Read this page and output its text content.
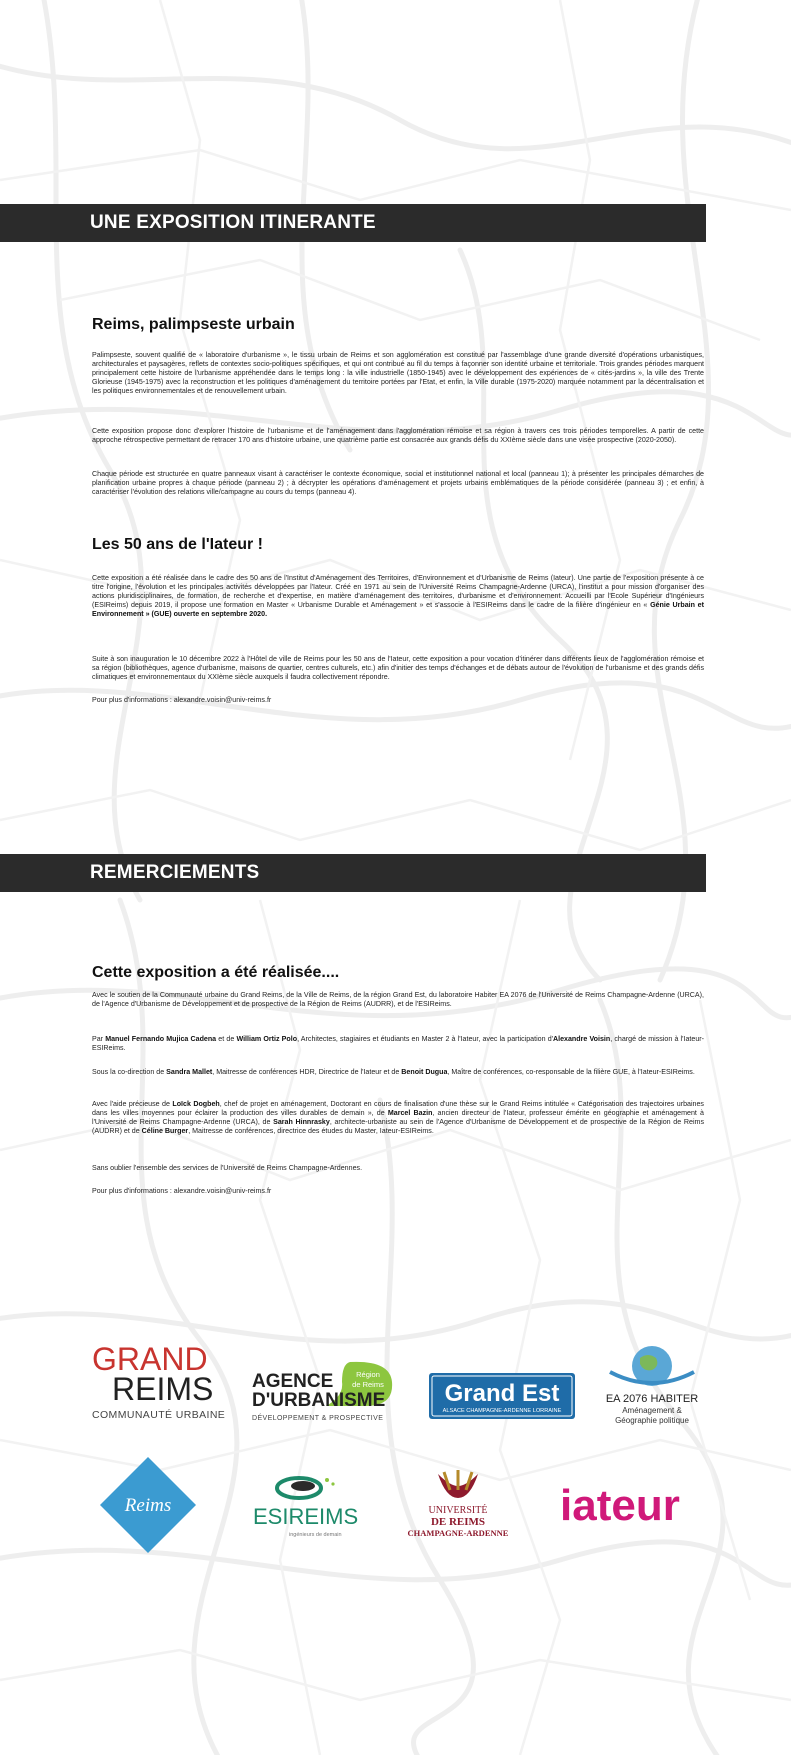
UNE EXPOSITION ITINERANTE
Reims, palimpseste urbain

Palimpseste, souvent qualifié de « laboratoire d'urbanisme », le tissu urbain de Reims et son agglomération est constitué par l'assemblage d'une grande diversité d'opérations urbanistiques, architecturales et paysagères, reflets de contextes socio-politiques spécifiques, et qui ont contribué au fil du temps à façonner son identité urbaine et territoriale. Trois grandes périodes marquent principalement cette histoire de l'urbanisme appréhendée dans le temps long : la ville industrielle (1850-1945) avec le développement des expériences de « cités-jardins », la ville des Trente Glorieuse (1945-1975) avec la reconstruction et les politiques d'aménagement du territoire portées par l'Etat, et enfin, la Ville durable (1975-2020) marquée notamment par la décentralisation et les politiques environnementales et de renouvellement urbain.

Cette exposition propose donc d'explorer l'histoire de l'urbanisme et de l'aménagement dans l'agglomération rémoise et sa région à travers ces trois périodes temporelles. A partir de cette approche rétrospective permettant de retracer 170 ans d'histoire urbaine, une quatrième partie est consacrée aux grands défis du XXIème siècle dans une visée prospective (2020-2050).

Chaque période est structurée en quatre panneaux visant à caractériser le contexte économique, social et institutionnel national et local (panneau 1); à présenter les principales démarches de planification urbaine propres à chaque période (panneau 2) ; à décrypter les opérations d'aménagement et projets urbains emblématiques de la période considérée (panneau 3) ; et enfin, à caractériser l'évolution des relations ville/campagne au cours du temps (panneau 4).

Les 50 ans de l'Iateur !

Cette exposition a été réalisée dans le cadre des 50 ans de l'Institut d'Aménagement des Territoires, d'Environnement et d'Urbanisme de Reims (Iateur). Une partie de l'exposition présente à ce titre l'origine, l'évolution et les principales activités développées par l'Iateur. Créé en 1971 au sein de l'Université Reims Champagne-Ardenne (URCA), l'institut a pour mission d'organiser des actions pluridisciplinaires, de formation, de recherche et d'expertise, en matière d'aménagement des territoires, d'urbanisme et d'environnement. Accueilli par l'Ecole Supérieur d'Ingénieurs (ESIReims) depuis 2019, il propose une formation en Master « Urbanisme Durable et Aménagement » et s'associe à l'ESIReims dans le cadre de la filière d'ingénieur en « Génie Urbain et Environnement » (GUE) ouverte en septembre 2020.

Suite à son inauguration le 10 décembre 2022 à l'Hôtel de ville de Reims pour les 50 ans de l'Iateur, cette exposition a pour vocation d'itinérer dans différents lieux de l'agglomération rémoise et sa région (bibliothèques, agence d'urbanisme, maisons de quartier, centres culturels, etc.) afin d'initier des temps d'échanges et de débats autour de l'évolution de l'urbanisme et des grands défis climatiques et environnementaux du XXIème siècle auxquels il faudra collectivement répondre.

Pour plus d'informations : alexandre.voisin@univ-reims.fr

REMERCIEMENTS
Cette exposition a été réalisée....

Avec le soutien de la Communauté urbaine du Grand Reims, de la Ville de Reims, de la région Grand Est, du laboratoire Habiter EA 2076 de l'Université de Reims Champagne-Ardenne (URCA), de l'Agence d'Urbanisme de Développement et de prospective de la Région de Reims (AUDRR), et de l'ESIReims.

Par Manuel Fernando Mujica Cadena et de William Ortiz Polo, Architectes, stagiaires et étudiants en Master 2 à l'Iateur, avec la participation d'Alexandre Voisin, chargé de mission à l'Iateur-ESIReims.

Sous la co-direction de Sandra Mallet, Maitresse de conférences HDR, Directrice de l'Iateur et de Benoit Dugua, Maître de conférences, co-responsable de la filière GUE, à l'Iateur-ESIReims.

Avec l'aide précieuse de Loïck Dogbeh, chef de projet en aménagement, Doctorant en cours de finalisation d'une thèse sur le Grand Reims intitulée « Catégorisation des trajectoires urbaines dans les villes moyennes pour éclairer la production des villes durables de demain », de Marcel Bazin, ancien directeur de l'Iateur, professeur émérite en géographie et aménagement à l'Université de Reims Champagne-Ardenne (URCA), de Sarah Hinnrasky, architecte-urbaniste au sein de l'Agence d'Urbanisme de Développement et de prospective de la Région de Reims (AUDRR) et de Céline Burger, Maitresse de conférences, directrice des études du Master, Iateur-ESIReims.

Sans oublier l'ensemble des services de l'Université de Reims Champagne-Ardennes.

Pour plus d'informations : alexandre.voisin@univ-reims.fr

GRAND
REIMS
COMMUNAUTÉ URBAINE
Région
de Reims
AGENCE
D'URBANISME
DÉVELOPPEMENT & PROSPECTIVE
Grand Est
ALSACE CHAMPAGNE-ARDENNE LORRAINE
EA 2076 HABITER
Aménagement &
Géographie politique
Reims	ESIREIMS
ingénieurs de demain
UNIVERSITÉ
DE REIMS
CHAMPAGNE-ARDENNE
iateur
